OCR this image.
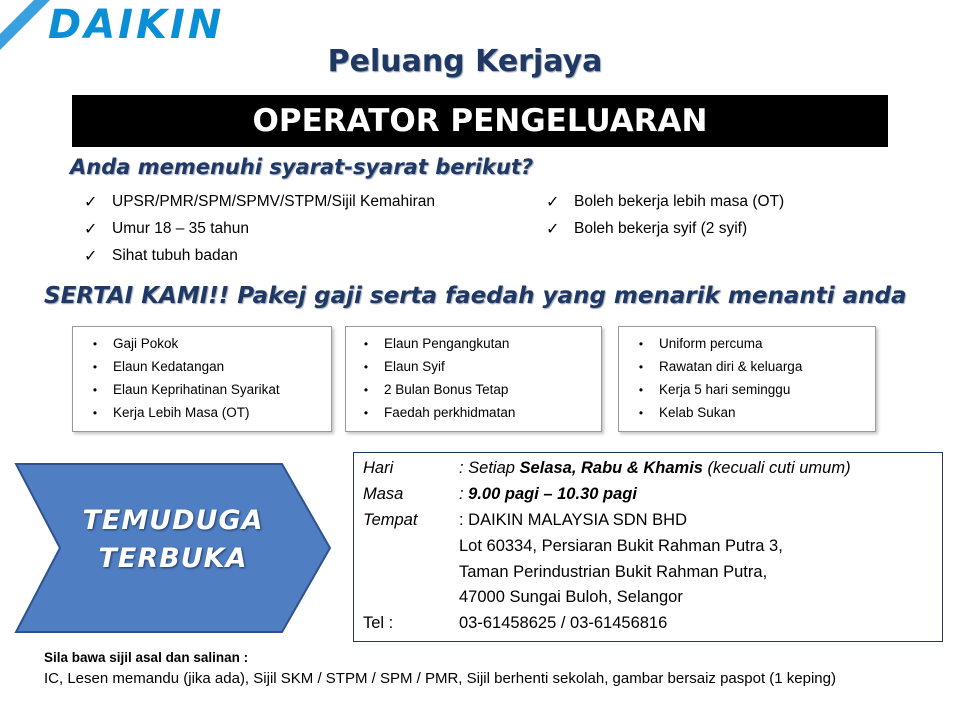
DAIKIN
Peluang Kerjaya
OPERATOR PENGELUARAN
Anda memenuhi syarat-syarat berikut?
✓ UPSR/PMR/SPM/SPMV/STPM/Sijil Kemahiran
✓ Umur 18 – 35 tahun
✓ Sihat tubuh badan
✓ Boleh bekerja lebih masa (OT)
✓ Boleh bekerja syif (2 syif)
SERTAI KAMI!! Pakej gaji serta faedah yang menarik menanti anda
•	Gaji Pokok
•	Elaun Kedatangan
•	Elaun Keprihatinan Syarikat
•	Kerja Lebih Masa (OT)
•	Elaun Pengangkutan
•	Elaun Syif
•	2 Bulan Bonus Tetap
•	Faedah perkhidmatan
•	Uniform percuma
•	Rawatan diri & keluarga
•	Kerja 5 hari seminggu
•	Kelab Sukan
TEMUDUGA
TERBUKA
Hari	: Setiap Selasa, Rabu & Khamis (kecuali cuti umum)
Masa	: 9.00 pagi – 10.30 pagi
Tempat	: DAIKIN MALAYSIA SDN BHD
Lot 60334, Persiaran Bukit Rahman Putra 3,
Taman Perindustrian Bukit Rahman Putra,
47000 Sungai Buloh, Selangor
Tel :	03-61458625 / 03-61456816
Sila bawa sijil asal dan salinan :
IC, Lesen memandu (jika ada), Sijil SKM / STPM / SPM / PMR, Sijil berhenti sekolah, gambar bersaiz paspot (1 keping)
